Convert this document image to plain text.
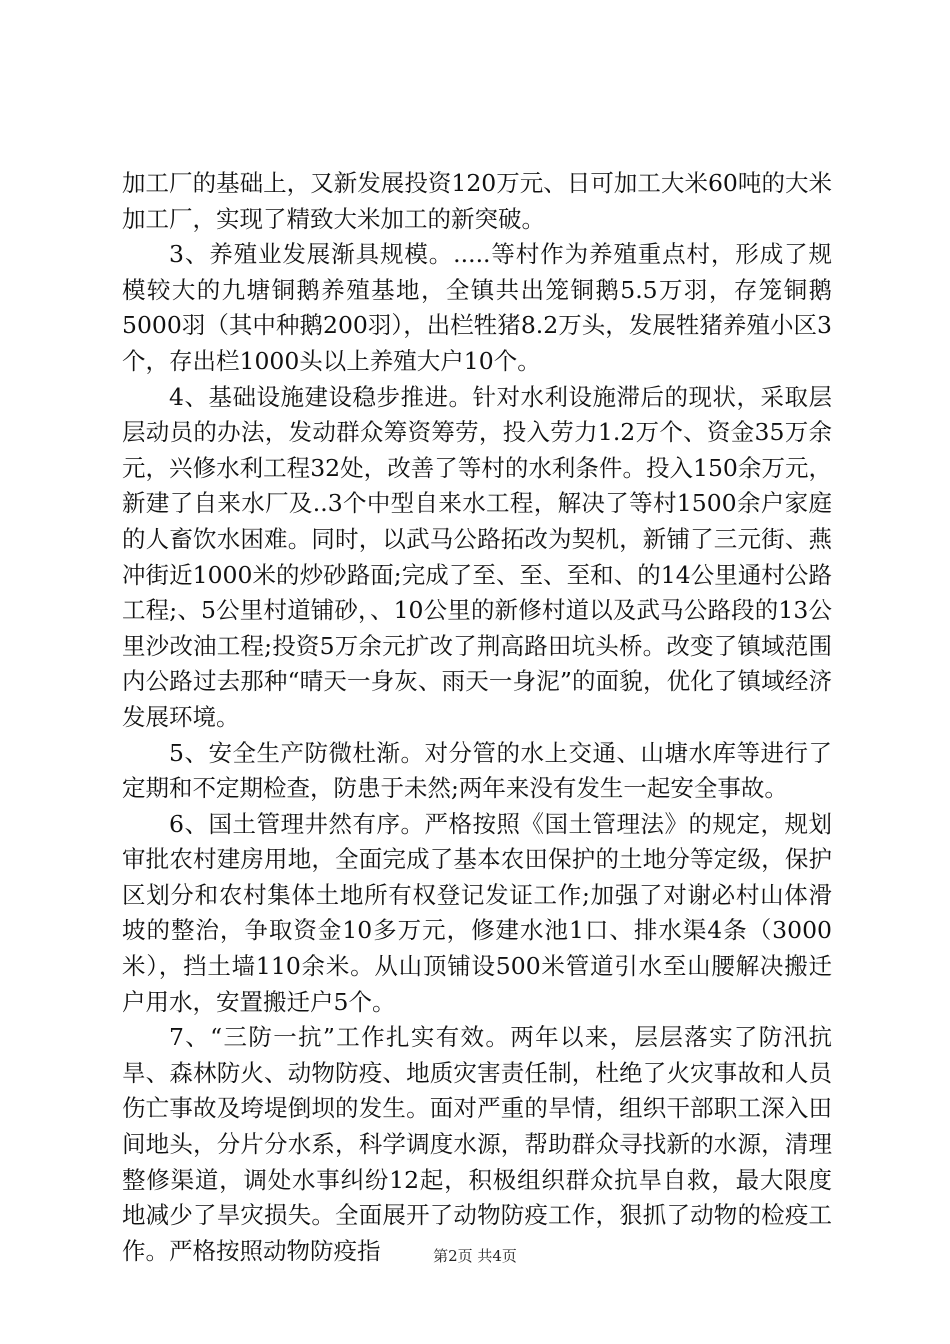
加工厂的基础上，又新发展投资120万元、日可加工大米60吨的大米加工厂，实现了精致大米加工的新突破。

3、养殖业发展渐具规模。.....等村作为养殖重点村，形成了规模较大的九塘铜鹅养殖基地，全镇共出笼铜鹅5.5万羽，存笼铜鹅5000羽（其中种鹅200羽），出栏牲猪8.2万头，发展牲猪养殖小区3个，存出栏1000头以上养殖大户10个。

4、基础设施建设稳步推进。针对水利设施滞后的现状，采取层层动员的办法，发动群众筹资筹劳，投入劳力1.2万个、资金35万余元，兴修水利工程32处，改善了等村的水利条件。投入150余万元，新建了自来水厂及..3个中型自来水工程，解决了等村1500余户家庭的人畜饮水困难。同时，以武马公路拓改为契机，新铺了三元街、燕冲街近1000米的炒砂路面;完成了至、至、至和、的14公里通村公路工程;、5公里村道铺砂，、10公里的新修村道以及武马公路段的13公里沙改油工程;投资5万余元扩改了荆高路田坑头桥。改变了镇域范围内公路过去那种“晴天一身灰、雨天一身泥”的面貌，优化了镇域经济发展环境。

5、安全生产防微杜渐。对分管的水上交通、山塘水库等进行了定期和不定期检查，防患于未然;两年来没有发生一起安全事故。

6、国土管理井然有序。严格按照《国土管理法》的规定，规划审批农村建房用地，全面完成了基本农田保护的土地分等定级，保护区划分和农村集体土地所有权登记发证工作;加强了对谢必村山体滑坡的整治，争取资金10多万元，修建水池1口、排水渠4条（3000米），挡土墙110余米。从山顶铺设500米管道引水至山腰解决搬迁户用水，安置搬迁户5个。

7、“三防一抗”工作扎实有效。两年以来，层层落实了防汛抗旱、森林防火、动物防疫、地质灾害责任制，杜绝了火灾事故和人员伤亡事故及垮堤倒坝的发生。面对严重的旱情，组织干部职工深入田间地头，分片分水系，科学调度水源，帮助群众寻找新的水源，清理整修渠道，调处水事纠纷12起，积极组织群众抗旱自救，最大限度地减少了旱灾损失。全面展开了动物防疫工作，狠抓了动物的检疫工作。严格按照动物防疫指	第2页 共4页
